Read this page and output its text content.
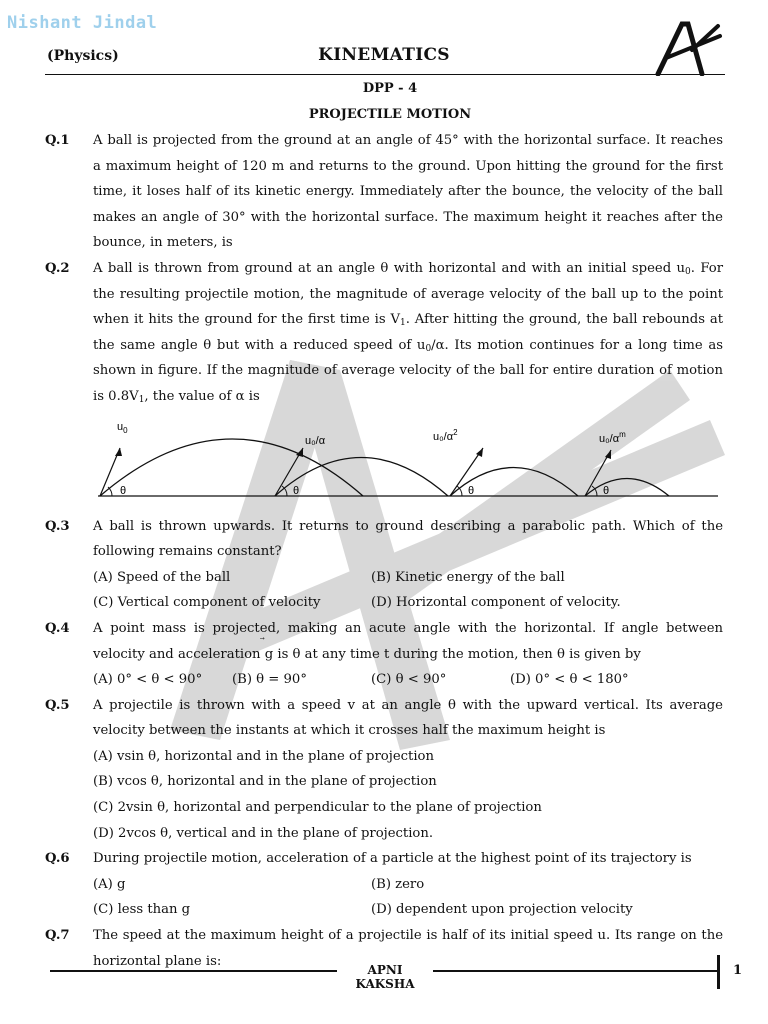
Nishant Jindal
(Physics)	KINEMATICS
DPP - 4
PROJECTILE MOTION
Q.1	A ball is projected from the ground at an angle of 45° with the horizontal surface. It reaches a maximum height of 120 m and returns to the ground. Upon hitting the ground for the first time, it loses half of its kinetic energy. Immediately after the bounce, the velocity of the ball makes an angle of 30° with the horizontal surface. The maximum height it reaches after the bounce, in meters, is
Q.2	A ball is thrown from ground at an angle θ with horizontal and with an initial speed $u_0$. For the resulting projectile motion, the magnitude of average velocity of the ball up to the point when it hits the ground for the first time is $V_1$. After hitting the ground, the ball rebounds at the same angle θ but with a reduced speed of $u_0/\alpha$. Its motion continues for a long time as shown in figure. If the magnitude of average velocity of the ball for entire duration of motion is $0.8V_1$, the value of α is
$u_0$
u₀/α	$u_0/\alpha^2$
$u_0/\alpha^m$
θ	θ	θ	θ
Q.3	A ball is thrown upwards. It returns to ground describing a parabolic path. Which of the following remains constant?
(A) Speed of the ball	(B) Kinetic energy of the ball
(C) Vertical component of velocity	(D) Horizontal component of velocity.
Q.4	A point mass is projected, making an acute angle with the horizontal. If angle between velocity and acceleration
g is θ at any time t during the motion, then θ is given by
(A) 0° < θ < 90°	(B) θ = 90°	(C) θ < 90°	(D) 0° < θ < 180°
Q.5	A projectile is thrown with a speed v at an angle θ with the upward vertical. Its average velocity between the instants at which it crosses half the maximum height is
(A) vsin θ, horizontal and in the plane of projection
(B) vcos θ, horizontal and in the plane of projection
(C) 2vsin θ, horizontal and perpendicular to the plane of projection
(D) 2vcos θ, vertical and in the plane of projection.
Q.6	During projectile motion, acceleration of a particle at the highest point of its trajectory is
(A) g	(B) zero
(C) less than g	(D) dependent upon projection velocity
Q.7	The speed at the maximum height of a projectile is half of its initial speed u. Its range on the horizontal plane is:
APNI KAKSHA
1
